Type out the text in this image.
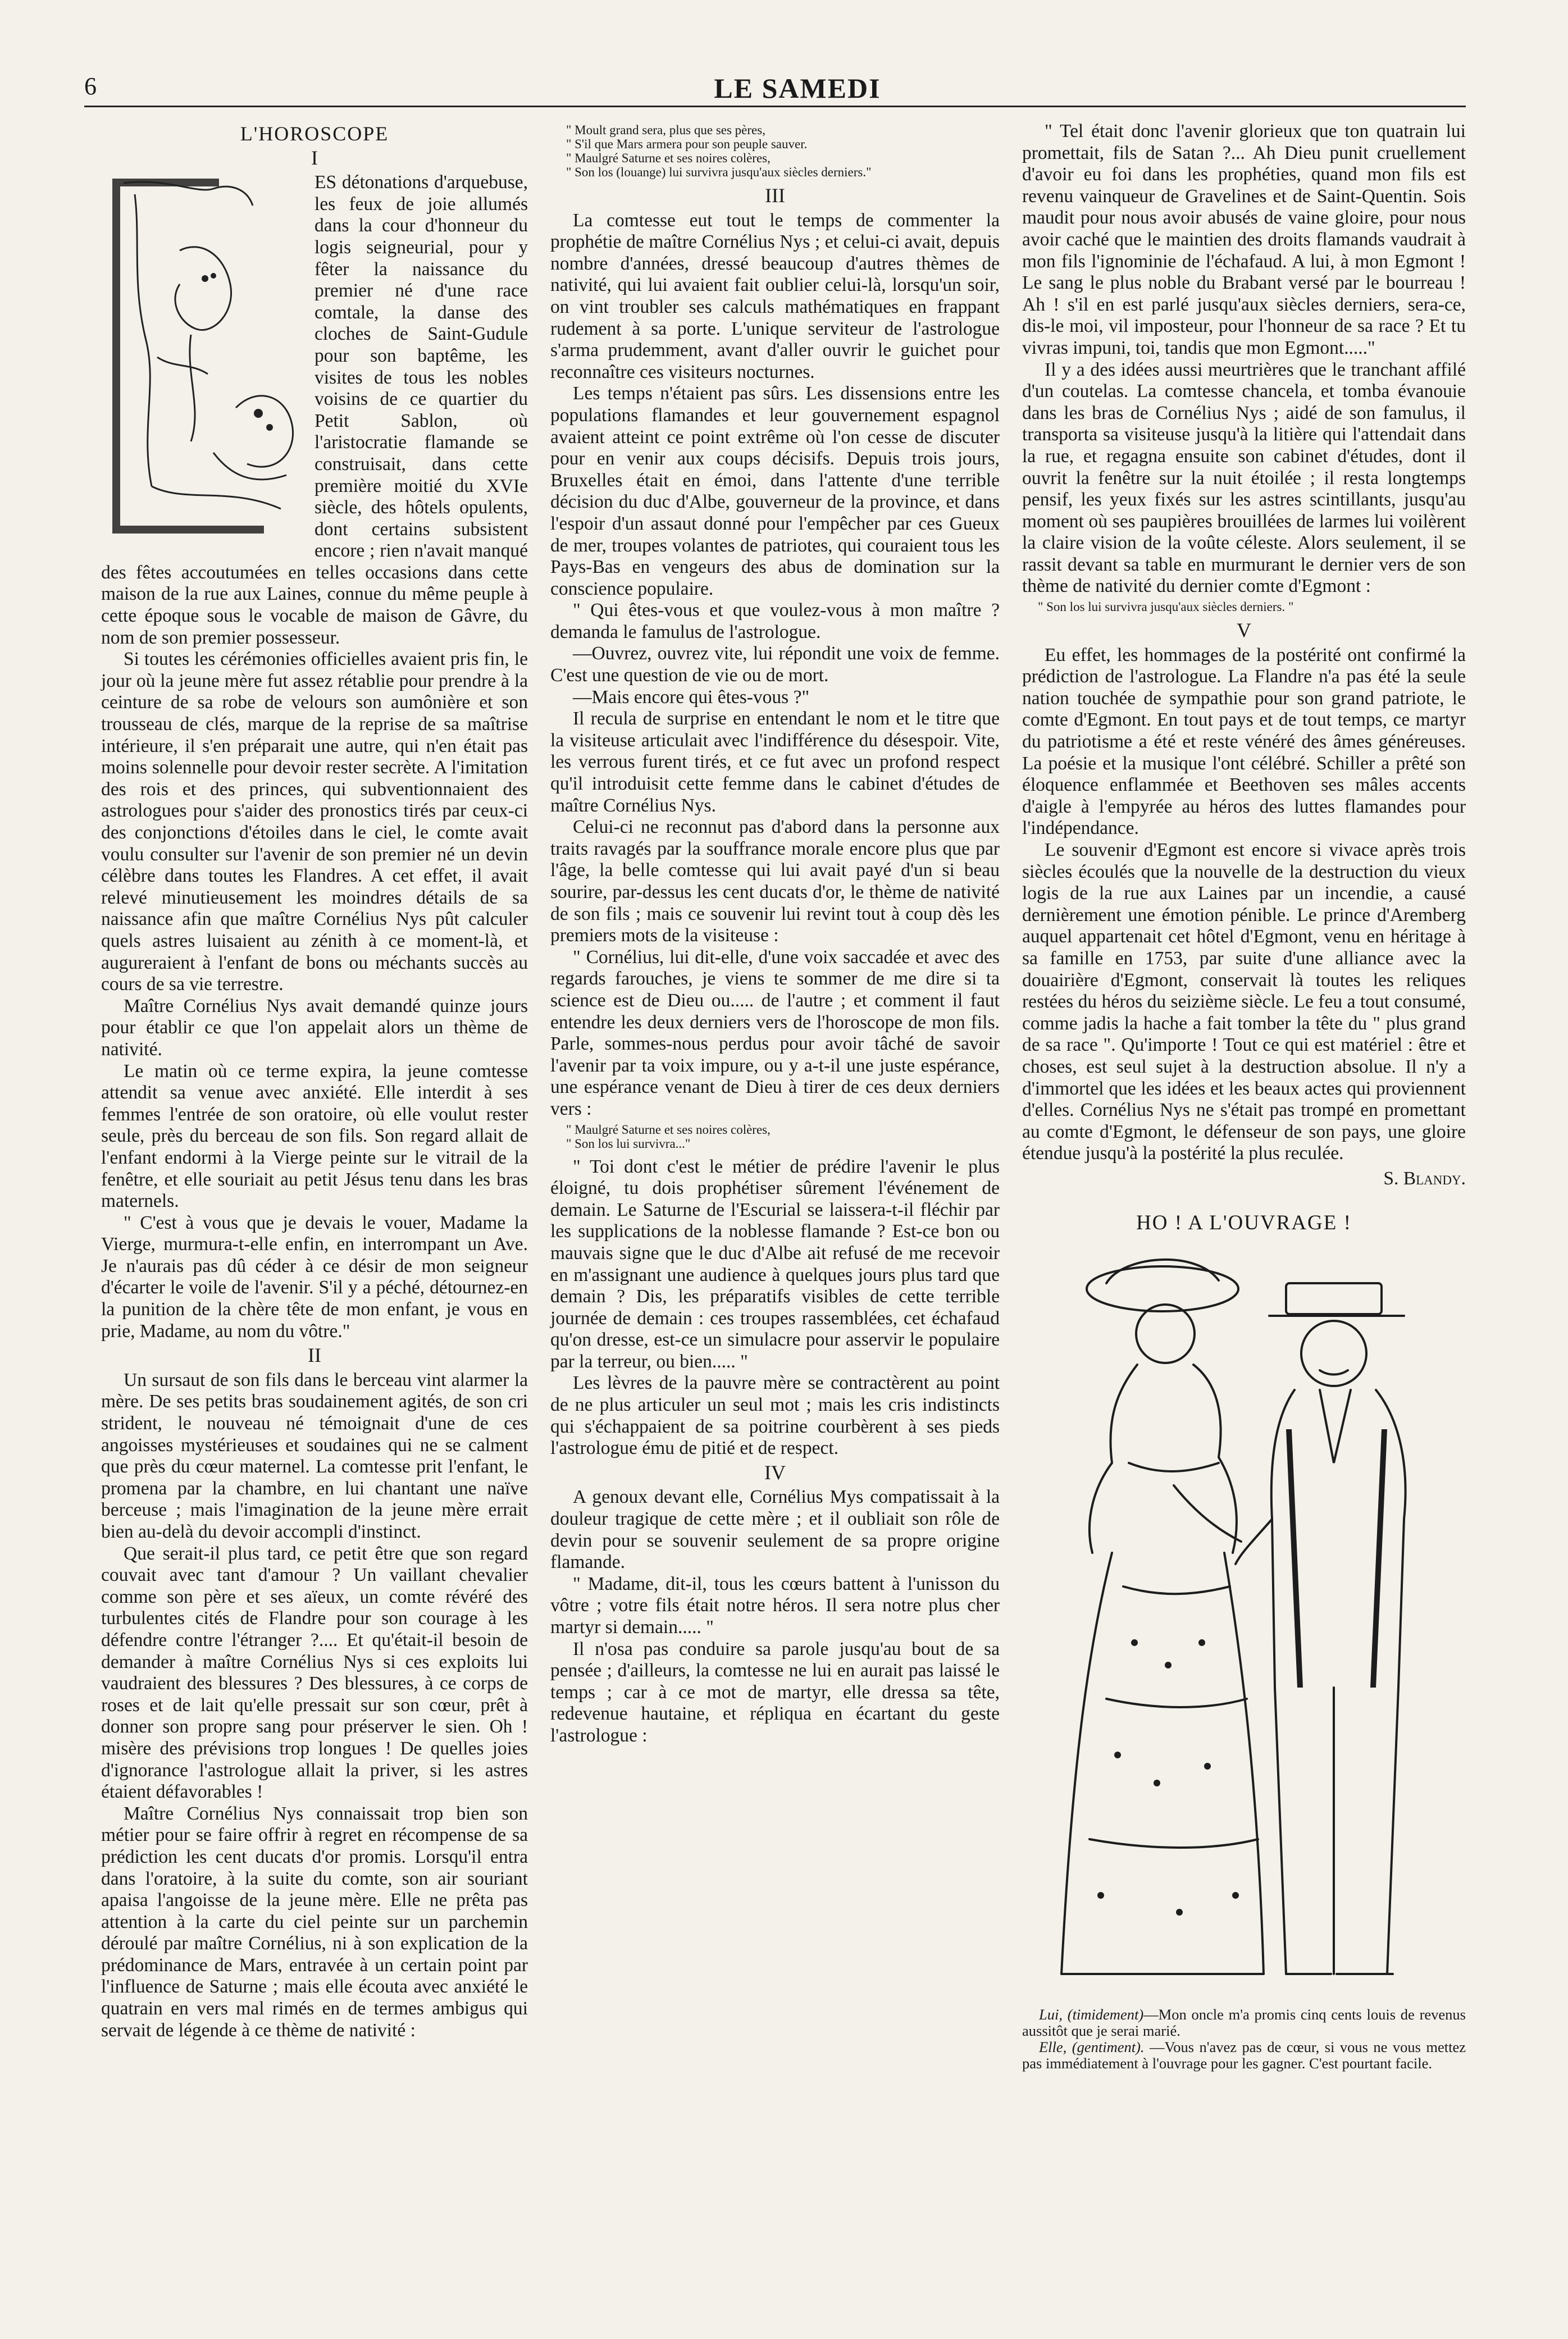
6	LE SAMEDI
L'HOROSCOPE
I

ES détonations d'arquebuse, les feux de joie allumés dans la cour d'honneur du logis seigneurial, pour y fêter la naissance du premier né d'une race comtale, la danse des cloches de Saint-Gudule pour son baptême, les visites de tous les nobles voisins de ce quartier du Petit Sablon, où l'aristocratie flamande se construisait, dans cette première moitié du XVIe siècle, des hôtels opulents, dont certains subsistent encore ; rien n'avait manqué des fêtes accoutumées en telles occasions dans cette maison de la rue aux Laines, connue du même peuple à cette époque sous le vocable de maison de Gâvre, du nom de son premier possesseur.

Si toutes les cérémonies officielles avaient pris fin, le jour où la jeune mère fut assez rétablie pour prendre à la ceinture de sa robe de velours son aumônière et son trousseau de clés, marque de la reprise de sa maîtrise intérieure, il s'en préparait une autre, qui n'en était pas moins solennelle pour devoir rester secrète. A l'imitation des rois et des princes, qui subventionnaient des astrologues pour s'aider des pronostics tirés par ceux-ci des conjonctions d'étoiles dans le ciel, le comte avait voulu consulter sur l'avenir de son premier né un devin célèbre dans toutes les Flandres. A cet effet, il avait relevé minutieusement les moindres détails de sa naissance afin que maître Cornélius Nys pût calculer quels astres luisaient au zénith à ce moment-là, et augureraient à l'enfant de bons ou méchants succès au cours de sa vie terrestre.

Maître Cornélius Nys avait demandé quinze jours pour établir ce que l'on appelait alors un thème de nativité.

Le matin où ce terme expira, la jeune comtesse attendit sa venue avec anxiété. Elle interdit à ses femmes l'entrée de son oratoire, où elle voulut rester seule, près du berceau de son fils. Son regard allait de l'enfant endormi à la Vierge peinte sur le vitrail de la fenêtre, et elle souriait au petit Jésus tenu dans les bras maternels.

" C'est à vous que je devais le vouer, Madame la Vierge, murmura-t-elle enfin, en interrompant un Ave. Je n'aurais pas dû céder à ce désir de mon seigneur d'écarter le voile de l'avenir. S'il y a péché, détournez-en la punition de la chère tête de mon enfant, je vous en prie, Madame, au nom du vôtre."

II

Un sursaut de son fils dans le berceau vint alarmer la mère. De ses petits bras soudainement agités, de son cri strident, le nouveau né témoignait d'une de ces angoisses mystérieuses et soudaines qui ne se calment que près du cœur maternel. La comtesse prit l'enfant, le promena par la chambre, en lui chantant une naïve berceuse ; mais l'imagination de la jeune mère errait bien au-delà du devoir accompli d'instinct.

Que serait-il plus tard, ce petit être que son regard couvait avec tant d'amour ? Un vaillant chevalier comme son père et ses aïeux, un comte révéré des turbulentes cités de Flandre pour son courage à les défendre contre l'étranger ?.... Et qu'était-il besoin de demander à maître Cornélius Nys si ces exploits lui vaudraient des blessures ? Des blessures, à ce corps de roses et de lait qu'elle pressait sur son cœur, prêt à donner son propre sang pour préserver le sien. Oh ! misère des prévisions trop longues ! De quelles joies d'ignorance l'astrologue allait la priver, si les astres étaient défavorables !

Maître Cornélius Nys connaissait trop bien son métier pour se faire offrir à regret en récompense de sa prédiction les cent ducats d'or promis. Lorsqu'il entra dans l'oratoire, à la suite du comte, son air souriant apaisa l'angoisse de la jeune mère. Elle ne prêta pas attention à la carte du ciel peinte sur un parchemin déroulé par maître Cornélius, ni à son explication de la prédominance de Mars, entravée à un certain point par l'influence de Saturne ; mais elle écouta avec anxiété le quatrain en vers mal rimés en de termes ambigus qui servait de légende à ce thème de nativité :

" Moult grand sera, plus que ses pères,
" S'il que Mars armera pour son peuple sauver.
" Maulgré Saturne et ses noires colères,
" Son los (louange) lui survivra jusqu'aux siècles derniers."
III

La comtesse eut tout le temps de commenter la prophétie de maître Cornélius Nys ; et celui-ci avait, depuis nombre d'années, dressé beaucoup d'autres thèmes de nativité, qui lui avaient fait oublier celui-là, lorsqu'un soir, on vint troubler ses calculs mathématiques en frappant rudement à sa porte. L'unique serviteur de l'astrologue s'arma prudemment, avant d'aller ouvrir le guichet pour reconnaître ces visiteurs nocturnes.

Les temps n'étaient pas sûrs. Les dissensions entre les populations flamandes et leur gouvernement espagnol avaient atteint ce point extrême où l'on cesse de discuter pour en venir aux coups décisifs. Depuis trois jours, Bruxelles était en émoi, dans l'attente d'une terrible décision du duc d'Albe, gouverneur de la province, et dans l'espoir d'un assaut donné pour l'empêcher par ces Gueux de mer, troupes volantes de patriotes, qui couraient tous les Pays-Bas en vengeurs des abus de domination sur la conscience populaire.

" Qui êtes-vous et que voulez-vous à mon maître ? demanda le famulus de l'astrologue.

—Ouvrez, ouvrez vite, lui répondit une voix de femme. C'est une question de vie ou de mort.

—Mais encore qui êtes-vous ?"

Il recula de surprise en entendant le nom et le titre que la visiteuse articulait avec l'indifférence du désespoir. Vite, les verrous furent tirés, et ce fut avec un profond respect qu'il introduisit cette femme dans le cabinet d'études de maître Cornélius Nys.

Celui-ci ne reconnut pas d'abord dans la personne aux traits ravagés par la souffrance morale encore plus que par l'âge, la belle comtesse qui lui avait payé d'un si beau sourire, par-dessus les cent ducats d'or, le thème de nativité de son fils ; mais ce souvenir lui revint tout à coup dès les premiers mots de la visiteuse :

" Cornélius, lui dit-elle, d'une voix saccadée et avec des regards farouches, je viens te sommer de me dire si ta science est de Dieu ou..... de l'autre ; et comment il faut entendre les deux derniers vers de l'horoscope de mon fils. Parle, sommes-nous perdus pour avoir tâché de savoir l'avenir par ta voix impure, ou y a-t-il une juste espérance, une espérance venant de Dieu à tirer de ces deux derniers vers :

" Maulgré Saturne et ses noires colères,
" Son los lui survivra..."

" Toi dont c'est le métier de prédire l'avenir le plus éloigné, tu dois prophétiser sûrement l'événement de demain. Le Saturne de l'Escurial se laissera-t-il fléchir par les supplications de la noblesse flamande ? Est-ce bon ou mauvais signe que le duc d'Albe ait refusé de me recevoir en m'assignant une audience à quelques jours plus tard que demain ? Dis, les préparatifs visibles de cette terrible journée de demain : ces troupes rassemblées, cet échafaud qu'on dresse, est-ce un simulacre pour asservir le populaire par la terreur, ou bien..... "

Les lèvres de la pauvre mère se contractèrent au point de ne plus articuler un seul mot ; mais les cris indistincts qui s'échappaient de sa poitrine courbèrent à ses pieds l'astrologue ému de pitié et de respect.

IV

A genoux devant elle, Cornélius Mys compatissait à la douleur tragique de cette mère ; et il oubliait son rôle de devin pour se souvenir seulement de sa propre origine flamande.

" Madame, dit-il, tous les cœurs battent à l'unisson du vôtre ; votre fils était notre héros. Il sera notre plus cher martyr si demain..... "

Il n'osa pas conduire sa parole jusqu'au bout de sa pensée ; d'ailleurs, la comtesse ne lui en aurait pas laissé le temps ; car à ce mot de martyr, elle dressa sa tête, redevenue hautaine, et répliqua en écartant du geste l'astrologue :

" Tel était donc l'avenir glorieux que ton quatrain lui promettait, fils de Satan ?... Ah Dieu punit cruellement d'avoir eu foi dans les prophéties, quand mon fils est revenu vainqueur de Gravelines et de Saint-Quentin. Sois maudit pour nous avoir abusés de vaine gloire, pour nous avoir caché que le maintien des droits flamands vaudrait à mon fils l'ignominie de l'échafaud. A lui, à mon Egmont ! Le sang le plus noble du Brabant versé par le bourreau ! Ah ! s'il en est parlé jusqu'aux siècles derniers, sera-ce, dis-le moi, vil imposteur, pour l'honneur de sa race ? Et tu vivras impuni, toi, tandis que mon Egmont....."

Il y a des idées aussi meurtrières que le tranchant affilé d'un coutelas. La comtesse chancela, et tomba évanouie dans les bras de Cornélius Nys ; aidé de son famulus, il transporta sa visiteuse jusqu'à la litière qui l'attendait dans la rue, et regagna ensuite son cabinet d'études, dont il ouvrit la fenêtre sur la nuit étoilée ; il resta longtemps pensif, les yeux fixés sur les astres scintillants, jusqu'au moment où ses paupières brouillées de larmes lui voilèrent la claire vision de la voûte céleste. Alors seulement, il se rassit devant sa table en murmurant le dernier vers de son thème de nativité du dernier comte d'Egmont :

" Son los lui survivra jusqu'aux siècles derniers. "
V

Eu effet, les hommages de la postérité ont confirmé la prédiction de l'astrologue. La Flandre n'a pas été la seule nation touchée de sympathie pour son grand patriote, le comte d'Egmont. En tout pays et de tout temps, ce martyr du patriotisme a été et reste vénéré des âmes généreuses. La poésie et la musique l'ont célébré. Schiller a prêté son éloquence enflammée et Beethoven ses mâles accents d'aigle à l'empyrée au héros des luttes flamandes pour l'indépendance.

Le souvenir d'Egmont est encore si vivace après trois siècles écoulés que la nouvelle de la destruction du vieux logis de la rue aux Laines par un incendie, a causé dernièrement une émotion pénible. Le prince d'Aremberg auquel appartenait cet hôtel d'Egmont, venu en héritage à sa famille en 1753, par suite d'une alliance avec la douairière d'Egmont, conservait là toutes les reliques restées du héros du seizième siècle. Le feu a tout consumé, comme jadis la hache a fait tomber la tête du " plus grand de sa race ". Qu'importe ! Tout ce qui est matériel : être et choses, est seul sujet à la destruction absolue. Il n'y a d'immortel que les idées et les beaux actes qui proviennent d'elles. Cornélius Nys ne s'était pas trompé en promettant au comte d'Egmont, le défenseur de son pays, une gloire étendue jusqu'à la postérité la plus reculée.

S. Blandy.
HO ! A L'OUVRAGE !

Lui, (timidement)—Mon oncle m'a promis cinq cents louis de revenus aussitôt que je serai marié.

Elle, (gentiment). —Vous n'avez pas de cœur, si vous ne vous mettez pas immédiatement à l'ouvrage pour les gagner. C'est pourtant facile.
